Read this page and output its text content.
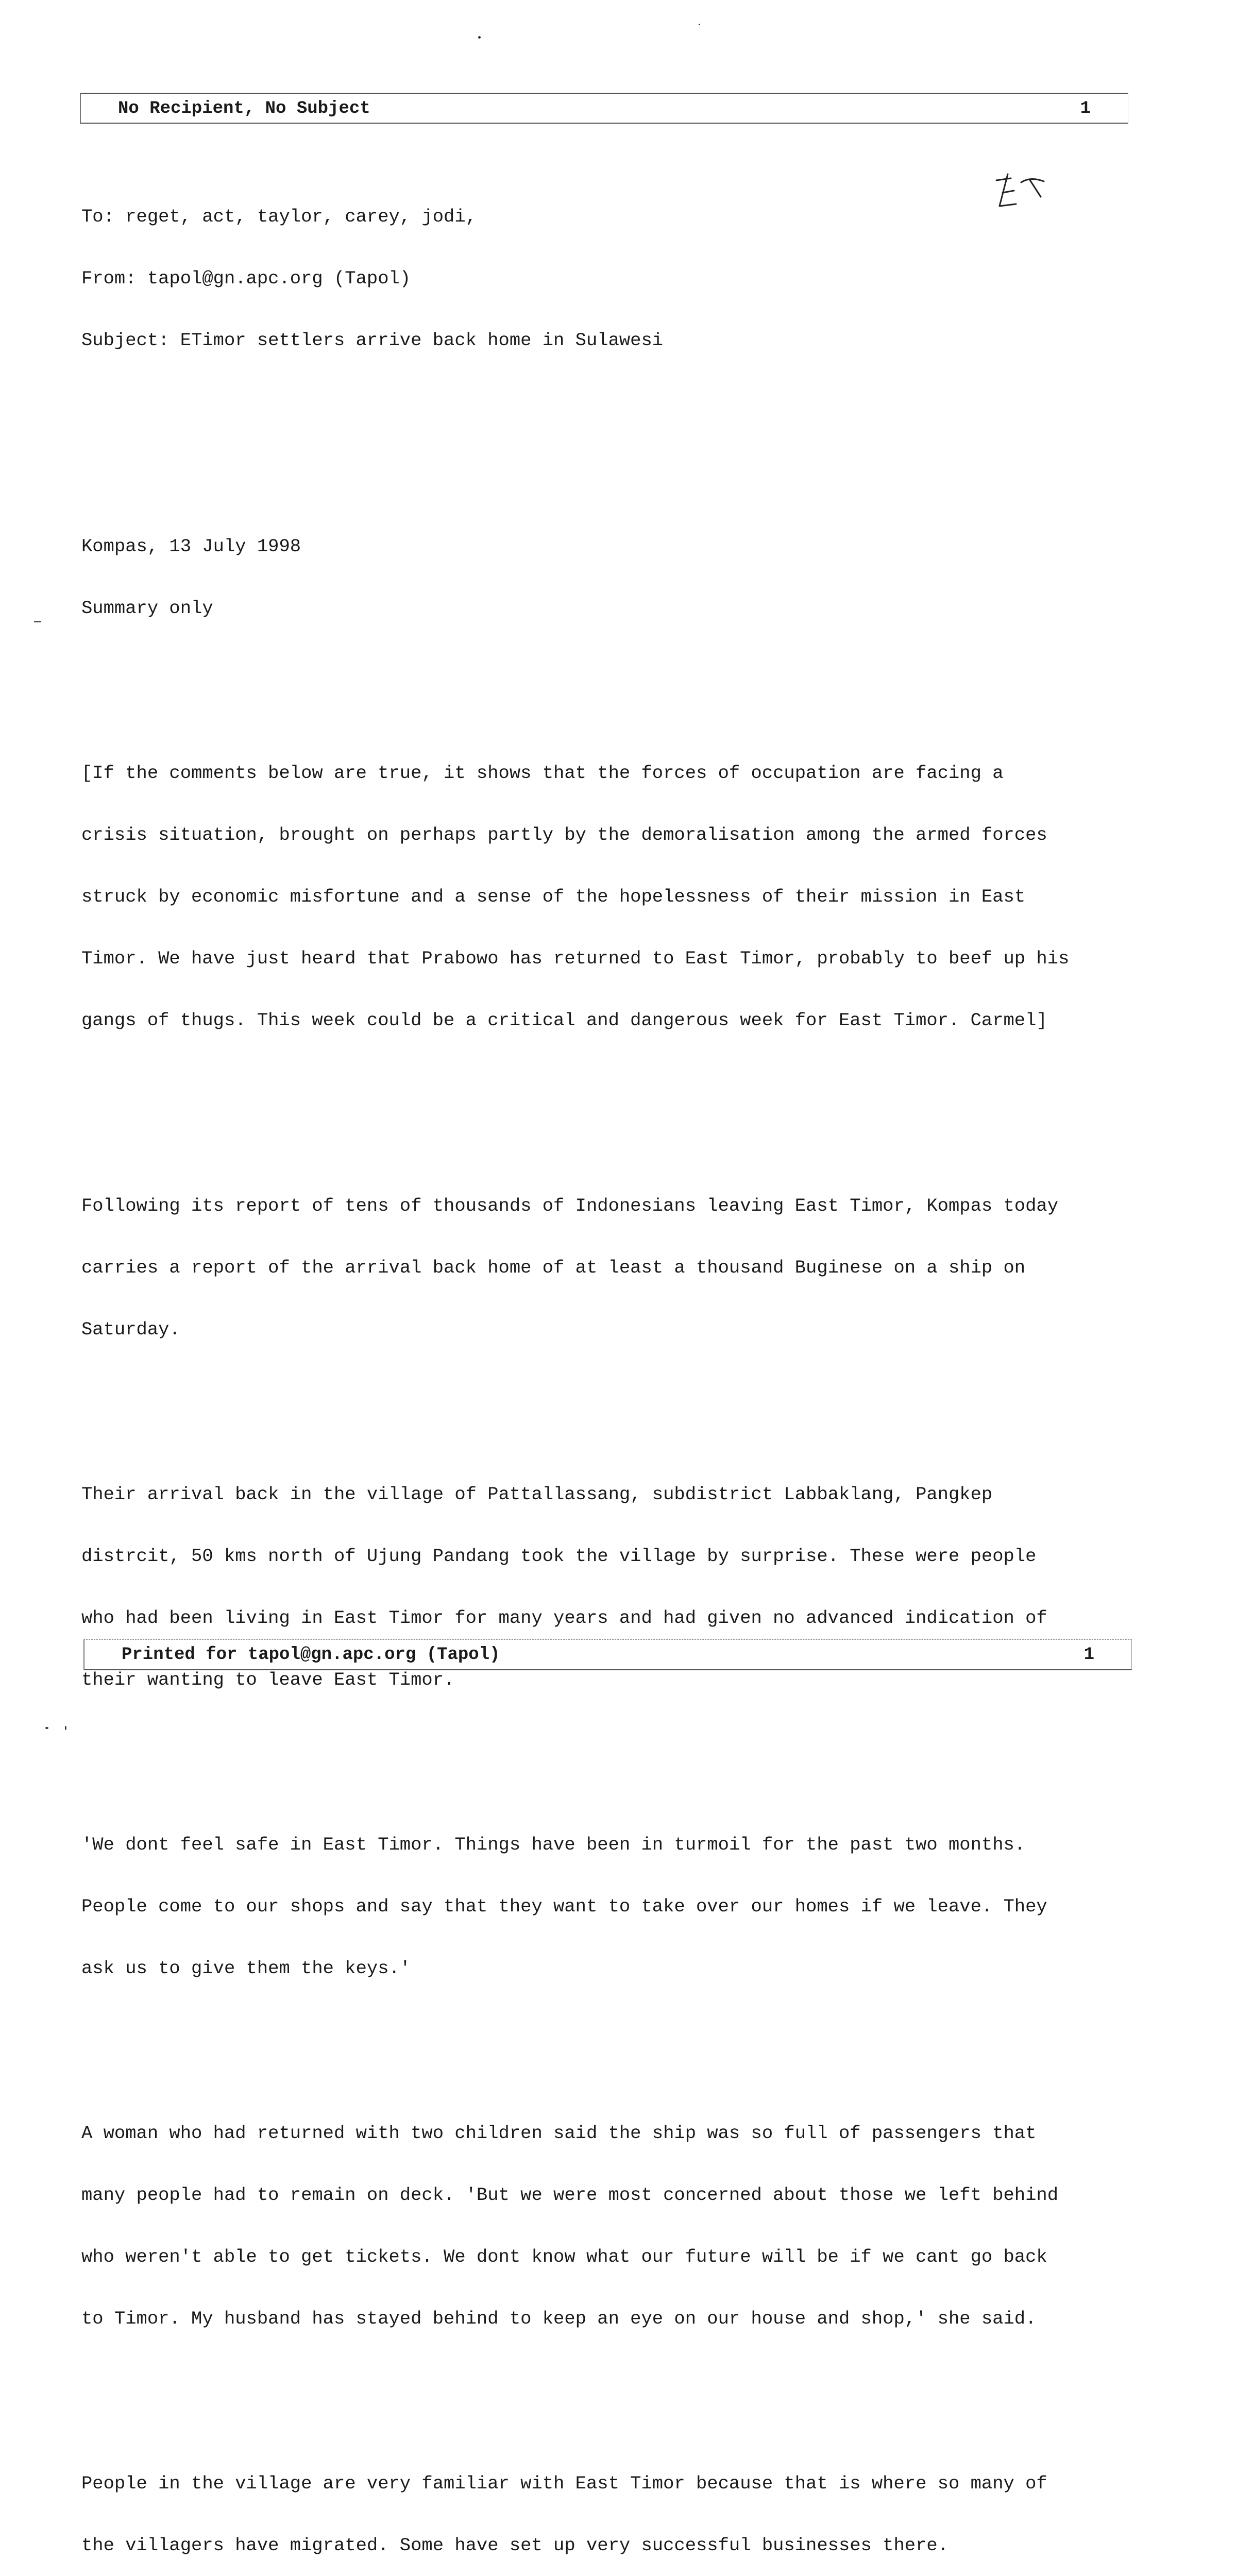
No Recipient, No Subject	1

To: reget, act, taylor, carey, jodi,

From: tapol@gn.apc.org (Tapol)

Subject: ETimor settlers arrive back home in Sulawesi

Kompas, 13 July 1998

Summary only

[If the comments below are true, it shows that the forces of occupation are facing a

crisis situation, brought on perhaps partly by the demoralisation among the armed forces

struck by economic misfortune and a sense of the hopelessness of their mission in East

Timor. We have just heard that Prabowo has returned to East Timor, probably to beef up his

gangs of thugs. This week could be a critical and dangerous week for East Timor. Carmel]

Following its report of tens of thousands of Indonesians leaving East Timor, Kompas today

carries a report of the arrival back home of at least a thousand Buginese on a ship on

Saturday.

Their arrival back in the village of Pattallassang, subdistrict Labbaklang, Pangkep

distrcit, 50 kms north of Ujung Pandang took the village by surprise. These were people

who had been living in East Timor for many years and had given no advanced indication of

their wanting to leave East Timor.

'We dont feel safe in East Timor. Things have been in turmoil for the past two months.

People come to our shops and say that they want to take over our homes if we leave. They

ask us to give them the keys.'

A woman who had returned with two children said the ship was so full of passengers that

many people had to remain on deck. 'But we were most concerned about those we left behind

who weren't able to get tickets. We dont know what our future will be if we cant go back

to Timor. My husband has stayed behind to keep an eye on our house and shop,' she said.

People in the village are very familiar with East Timor because that is where so many of

the villagers have migrated. Some have set up very successful businesses there.

Printed for tapol@gn.apc.org (Tapol)	1
